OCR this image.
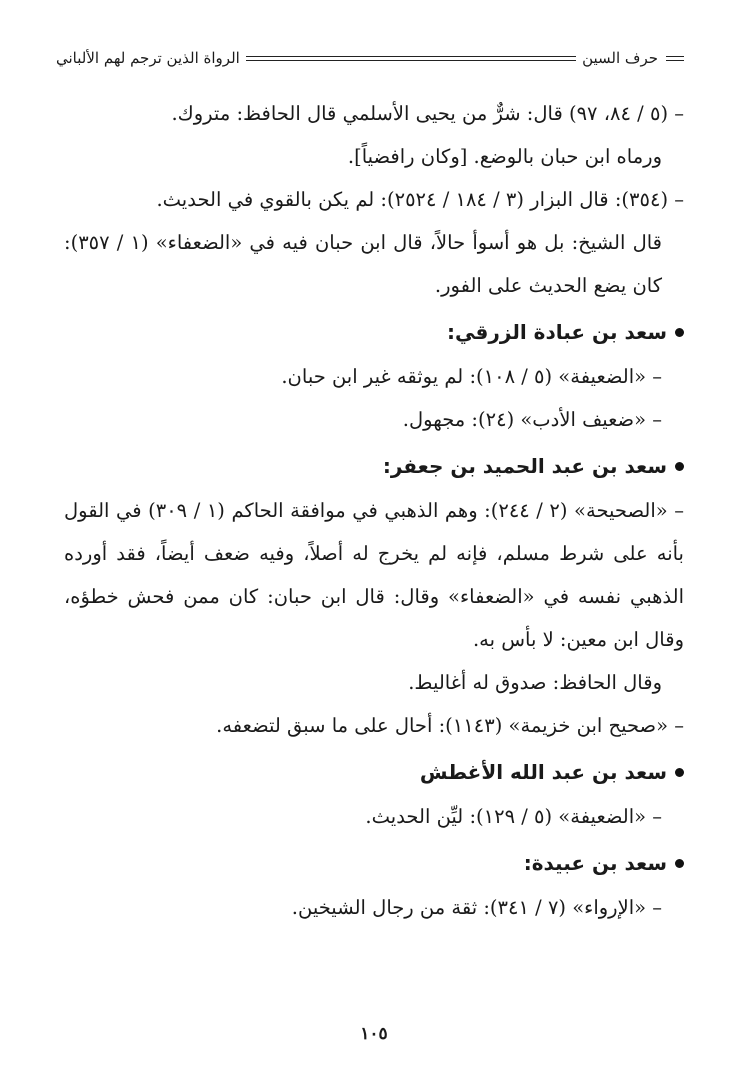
حرف السين
الرواة الذين ترجم لهم الألباني

– (٥ / ٨٤، ٩٧) قال: شرٌّ من يحيى الأسلمي قال الحافظ: متروك.

ورماه ابن حبان بالوضع. [وكان رافضياً].

– (٣٥٤): قال البزار (٣ / ١٨٤ / ٢٥٢٤): لم يكن بالقوي في الحديث.

قال الشيخ: بل هو أسوأ حالاً، قال ابن حبان فيه في «الضعفاء» (١ / ٣٥٧): كان يضع الحديث على الفور.

سعد بن عبادة الزرقي:

– «الضعيفة» (٥ / ١٠٨): لم يوثقه غير ابن حبان.

– «ضعيف الأدب» (٢٤): مجهول.

سعد بن عبد الحميد بن جعفر:

– «الصحيحة» (٢ / ٢٤٤): وهم الذهبي في موافقة الحاكم (١ / ٣٠٩) في القول بأنه على شرط مسلم، فإنه لم يخرج له أصلاً، وفيه ضعف أيضاً، فقد أورده الذهبي نفسه في «الضعفاء» وقال: قال ابن حبان: كان ممن فحش خطؤه، وقال ابن معين: لا بأس به.

وقال الحافظ: صدوق له أغاليط.

– «صحيح ابن خزيمة» (١١٤٣): أحال على ما سبق لتضعفه.

سعد بن عبد الله الأغطش

– «الضعيفة» (٥ / ١٢٩): ليِّن الحديث.

سعد بن عبيدة:

– «الإرواء» (٧ / ٣٤١): ثقة من رجال الشيخين.

١٠٥
